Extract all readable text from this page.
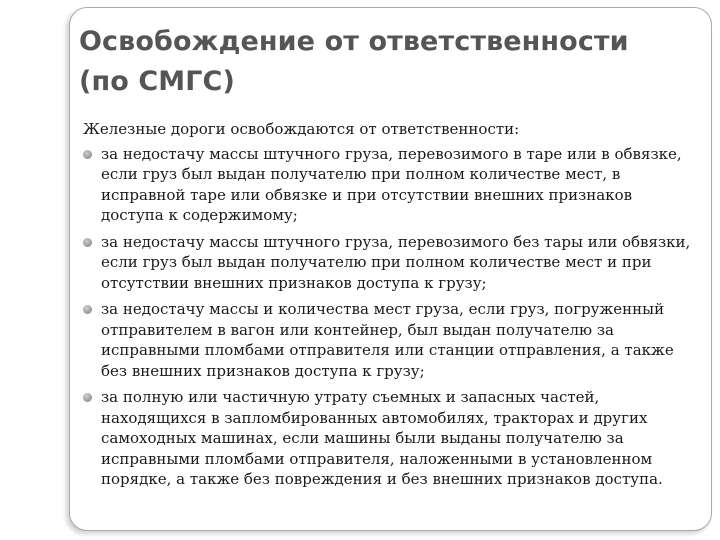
Освобождение от ответственности (по СМГС)

Железные дороги освобождаются от ответственности:

за недостачу массы штучного груза, перевозимого в таре или в обвязке, если груз был выдан получателю при полном количестве мест, в исправной таре или обвязке и при отсутствии внешних признаков доступа к содержимому;
за недостачу массы штучного груза, перевозимого без тары или обвязки, если груз был выдан получателю при полном количестве мест и при отсутствии внешних признаков доступа к грузу;
за недостачу массы и количества мест груза, если груз, погруженный отправителем в вагон или контейнер, был выдан получателю за исправными пломбами отправителя или станции отправления, а также без внешних признаков доступа к грузу;
за полную или частичную утрату съемных и запасных частей, находящихся в запломбированных автомобилях, тракторах и других самоходных машинах, если машины были выданы получателю за исправными пломбами отправителя, наложенными в установленном порядке, а также без повреждения и без внешних признаков доступа.
